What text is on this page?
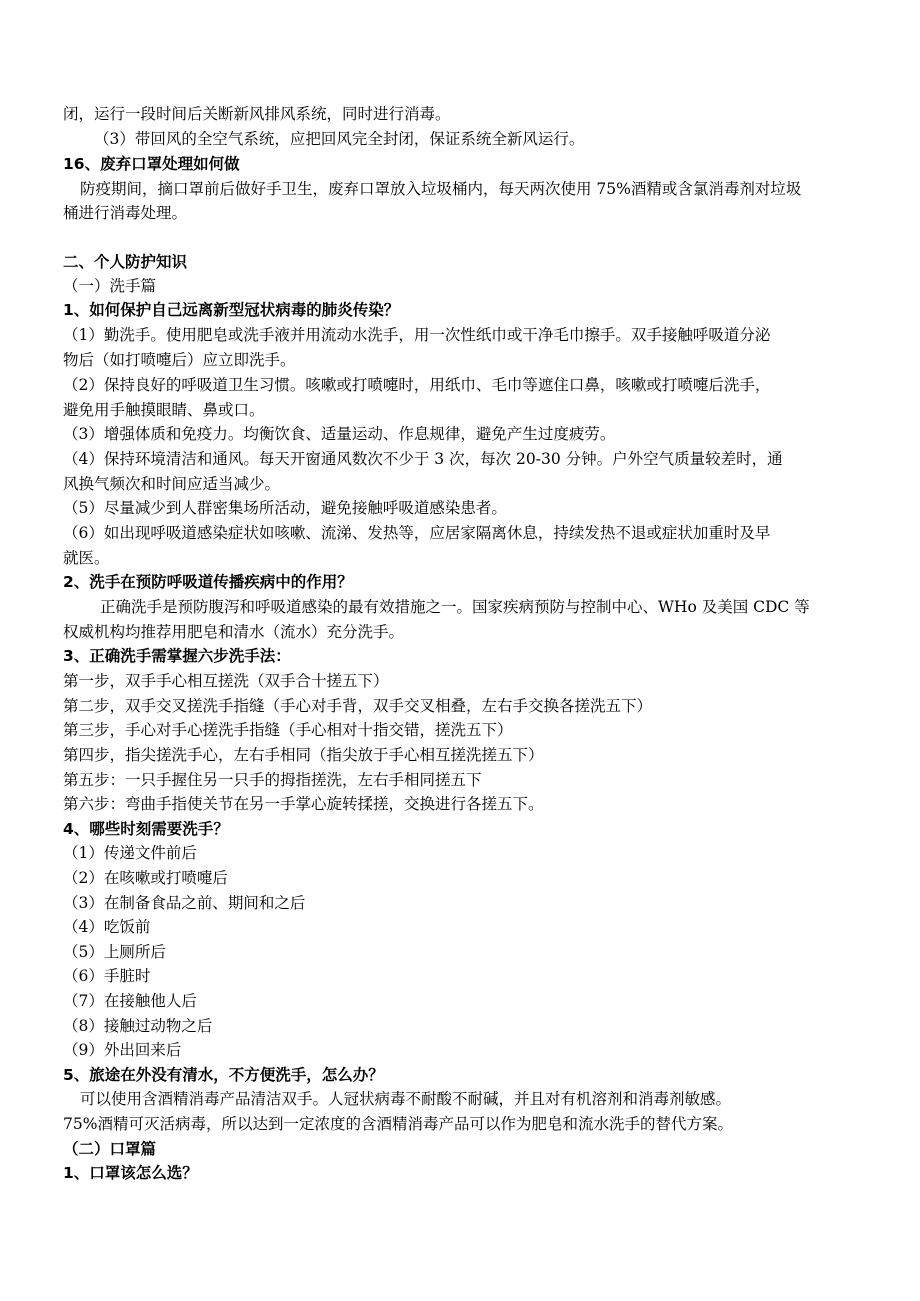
闭，运行一段时间后关断新风排风系统，同时进行消毒。
（3）带回风的全空气系统，应把回风完全封闭，保证系统全新风运行。
16、废弃口罩处理如何做
防疫期间，摘口罩前后做好手卫生，废弃口罩放入垃圾桶内，每天两次使用 75%酒精或含氯消毒剂对垃圾
桶进行消毒处理。
二、个人防护知识
（一）洗手篇
1、如何保护自己远离新型冠状病毒的肺炎传染？
（1）勤洗手。使用肥皂或洗手液并用流动水洗手，用一次性纸巾或干净毛巾擦手。双手接触呼吸道分泌
物后（如打喷嚏后）应立即洗手。
（2）保持良好的呼吸道卫生习惯。咳嗽或打喷嚏时，用纸巾、毛巾等遮住口鼻，咳嗽或打喷嚏后洗手，
避免用手触摸眼睛、鼻或口。
（3）增强体质和免疫力。均衡饮食、适量运动、作息规律，避免产生过度疲劳。
（4）保持环境清洁和通风。每天开窗通风数次不少于 3 次，每次 20-30 分钟。户外空气质量较差时，通
风换气频次和时间应适当减少。
（5）尽量减少到人群密集场所活动，避免接触呼吸道感染患者。
（6）如出现呼吸道感染症状如咳嗽、流涕、发热等，应居家隔离休息，持续发热不退或症状加重时及早
就医。
2、洗手在预防呼吸道传播疾病中的作用？
正确洗手是预防腹泻和呼吸道感染的最有效措施之一。国家疾病预防与控制中心、WHo 及美国 CDC 等
权威机构均推荐用肥皂和清水（流水）充分洗手。
3、正确洗手需掌握六步洗手法：
第一步，双手手心相互搓洗（双手合十搓五下）
第二步，双手交叉搓洗手指缝（手心对手背，双手交叉相叠，左右手交换各搓洗五下）
第三步，手心对手心搓洗手指缝（手心相对十指交错，搓洗五下）
第四步，指尖搓洗手心，左右手相同（指尖放于手心相互搓洗搓五下）
第五步：一只手握住另一只手的拇指搓洗，左右手相同搓五下
第六步：弯曲手指使关节在另一手掌心旋转揉搓，交换进行各搓五下。
4、哪些时刻需要洗手？
（1）传递文件前后
（2）在咳嗽或打喷嚏后
（3）在制备食品之前、期间和之后
（4）吃饭前
（5）上厕所后
（6）手脏时
（7）在接触他人后
（8）接触过动物之后
（9）外出回来后
5、旅途在外没有清水，不方便洗手，怎么办？
可以使用含酒精消毒产品清洁双手。人冠状病毒不耐酸不耐碱，并且对有机溶剂和消毒剂敏感。
75%酒精可灭活病毒，所以达到一定浓度的含酒精消毒产品可以作为肥皂和流水洗手的替代方案。
（二）口罩篇
1、口罩该怎么选？
